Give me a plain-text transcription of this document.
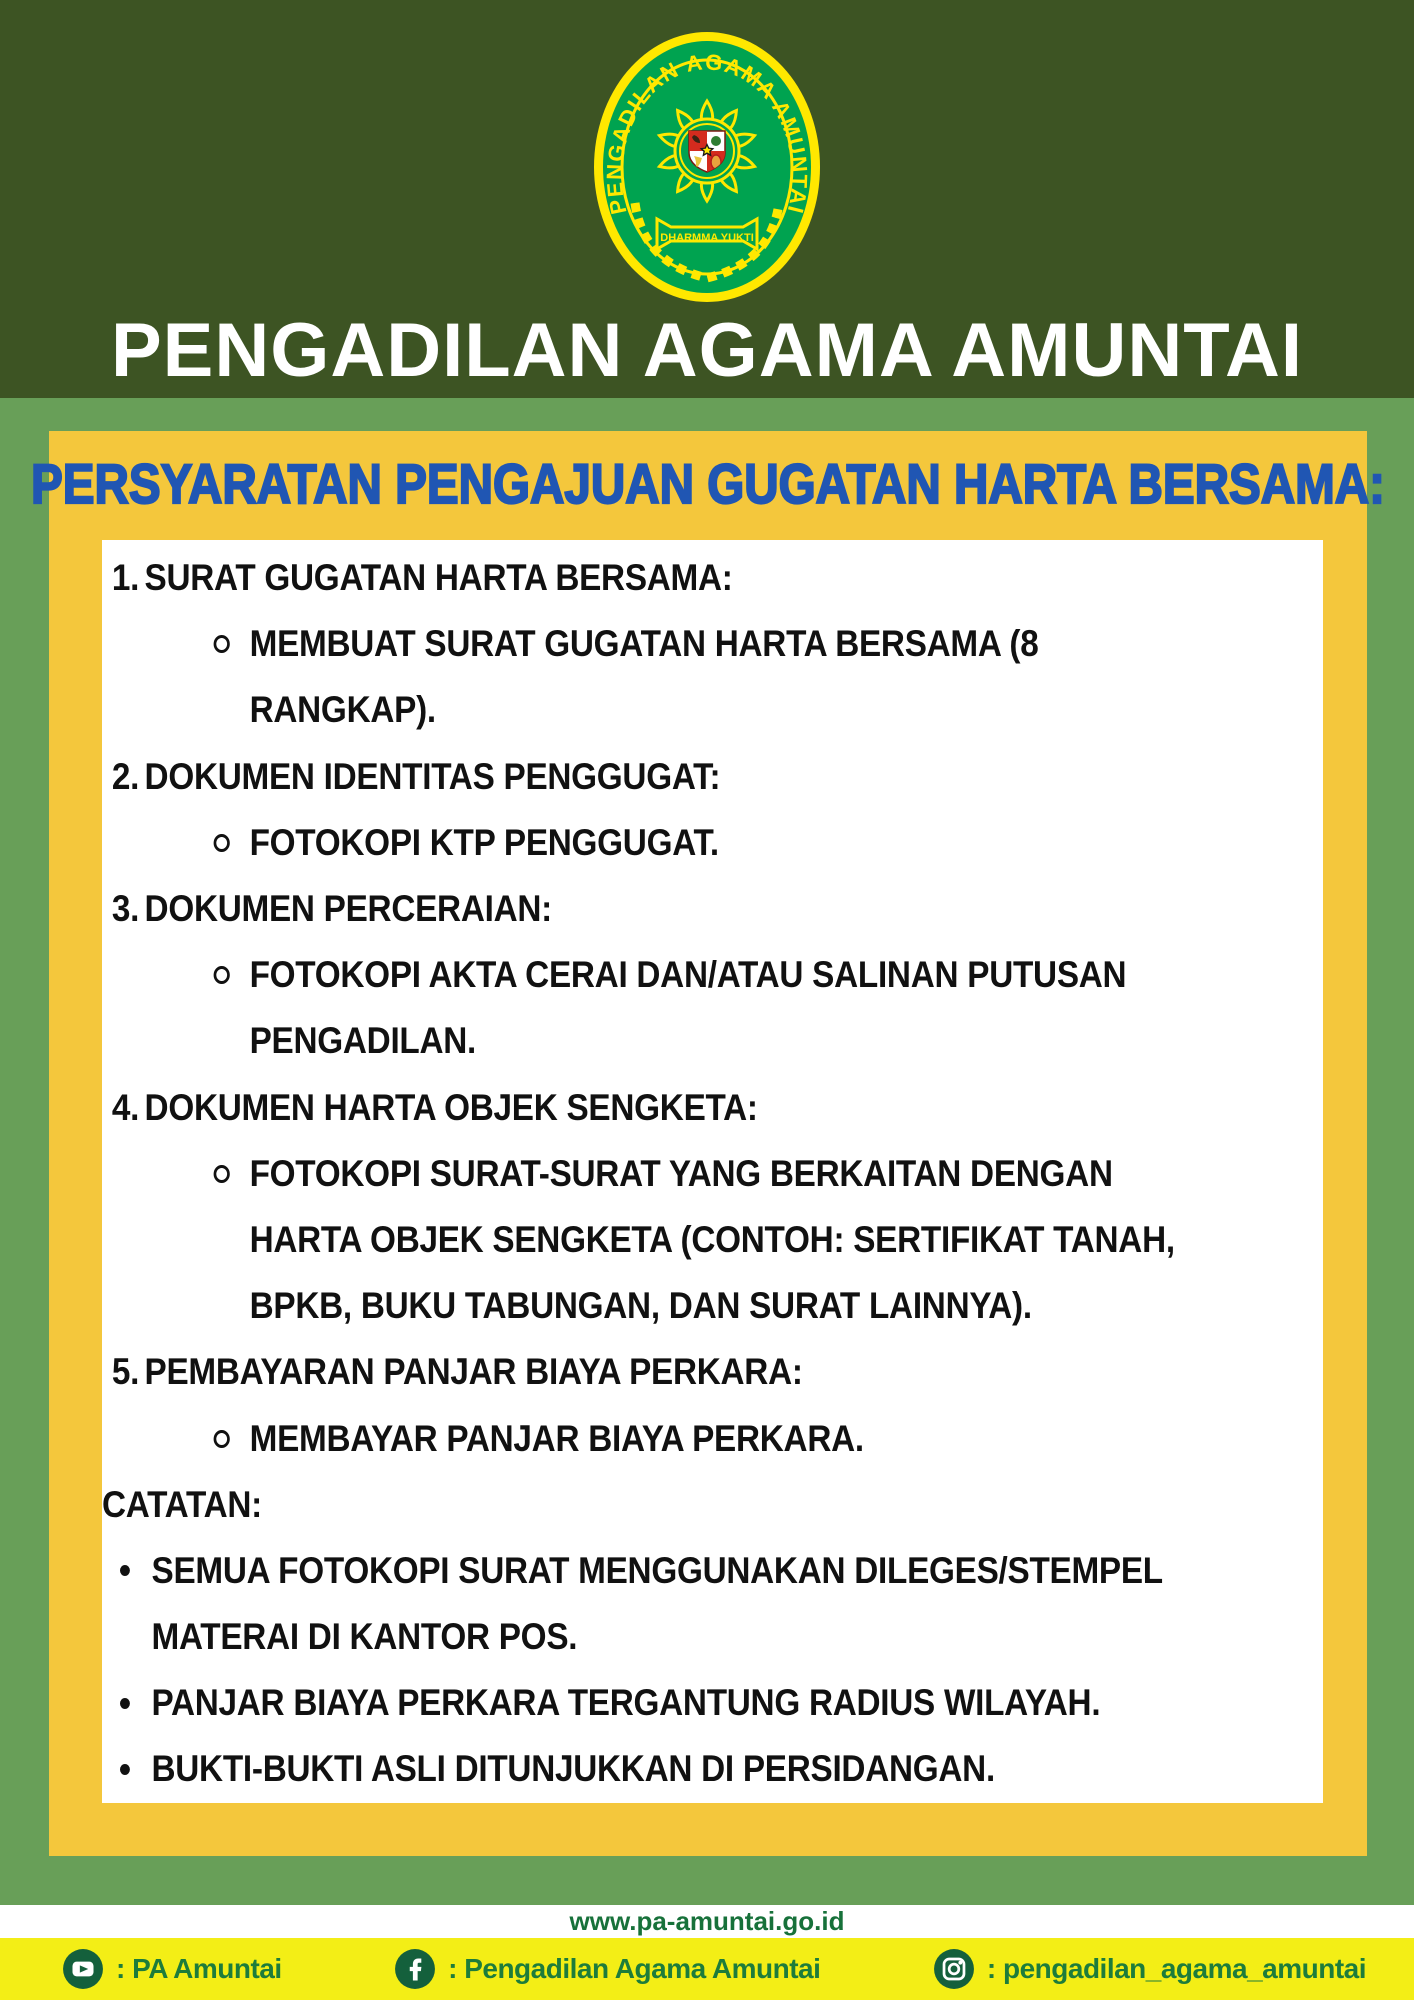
PENGADILAN AGAMA AMUNTAI
DHARMMA YUKTI
PENGADILAN AGAMA AMUNTAI
PERSYARATAN PENGAJUAN GUGATAN HARTA BERSAMA:
1. SURAT GUGATAN HARTA BERSAMA:
MEMBUAT SURAT GUGATAN HARTA BERSAMA (8
RANGKAP).
2. DOKUMEN IDENTITAS PENGGUGAT:
FOTOKOPI KTP PENGGUGAT.
3. DOKUMEN PERCERAIAN:
FOTOKOPI AKTA CERAI DAN/ATAU SALINAN PUTUSAN
PENGADILAN.
4. DOKUMEN HARTA OBJEK SENGKETA:
FOTOKOPI SURAT-SURAT YANG BERKAITAN DENGAN
HARTA OBJEK SENGKETA (CONTOH: SERTIFIKAT TANAH,
BPKB, BUKU TABUNGAN, DAN SURAT LAINNYA).
5. PEMBAYARAN PANJAR BIAYA PERKARA:
MEMBAYAR PANJAR BIAYA PERKARA.
CATATAN:
SEMUA FOTOKOPI SURAT MENGGUNAKAN DILEGES/STEMPEL
MATERAI DI KANTOR POS.
PANJAR BIAYA PERKARA TERGANTUNG RADIUS WILAYAH.
BUKTI-BUKTI ASLI DITUNJUKKAN DI PERSIDANGAN.
www.pa-amuntai.go.id
: PA Amuntai	: Pengadilan Agama Amuntai	: pengadilan_agama_amuntai
